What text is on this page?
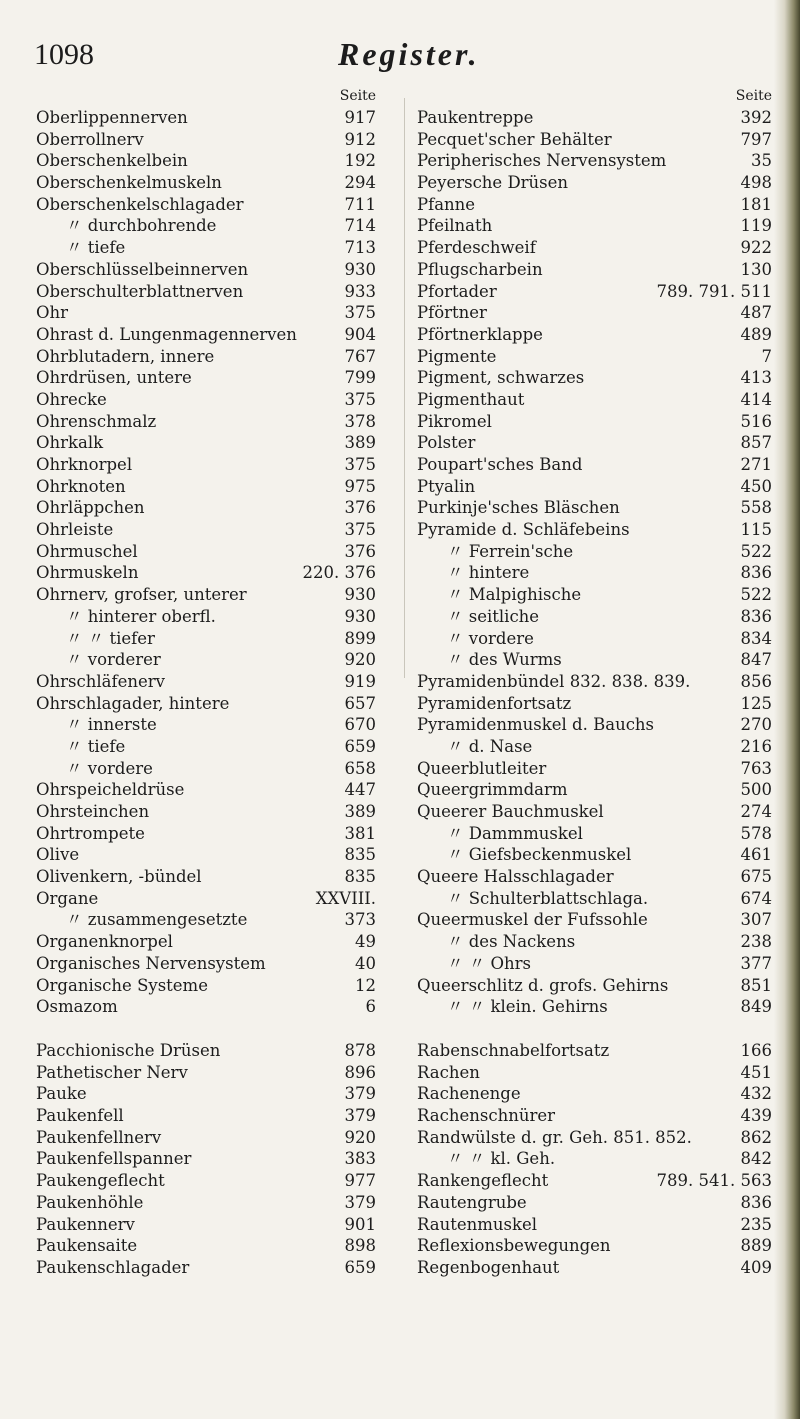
1098	Register.
Seite
Oberlippennerven	917
Oberrollnerv	912
Oberschenkelbein	192
Oberschenkelmuskeln	294
Oberschenkelschlagader	711
〃 durchbohrende	714
〃 tiefe	713
Oberschlüsselbeinnerven	930
Oberschulterblattnerven	933
Ohr	375
Ohrast d. Lungenmagennerven	904
Ohrblutadern, innere	767
Ohrdrüsen, untere	799
Ohrecke	375
Ohrenschmalz	378
Ohrkalk	389
Ohrknorpel	375
Ohrknoten	975
Ohrläppchen	376
Ohrleiste	375
Ohrmuschel	376
Ohrmuskeln	220. 376
Ohrnerv, grofser, unterer	930
〃 hinterer oberfl.	930
〃 〃 tiefer	899
〃 vorderer	920
Ohrschläfenerv	919
Ohrschlagader, hintere	657
〃 innerste	670
〃 tiefe	659
〃 vordere	658
Ohrspeicheldrüse	447
Ohrsteinchen	389
Ohrtrompete	381
Olive	835
Olivenkern, -bündel	835
Organe	XXVIII.
〃 zusammengesetzte	373
Organenknorpel	49
Organisches Nervensystem	40
Organische Systeme	12
Osmazom	6
Seite
Paukentreppe	392
Pecquet'scher Behälter	797
Peripherisches Nervensystem	35
Peyersche Drüsen	498
Pfanne	181
Pfeilnath	119
Pferdeschweif	922
Pflugscharbein	130
Pfortader	789. 791. 511
Pförtner	487
Pförtnerklappe	489
Pigmente	7
Pigment, schwarzes	413
Pigmenthaut	414
Pikromel	516
Polster	857
Poupart'sches Band	271
Ptyalin	450
Purkinje'sches Bläschen	558
Pyramide d. Schläfebeins	115
〃 Ferrein'sche	522
〃 hintere	836
〃 Malpighische	522
〃 seitliche	836
〃 vordere	834
〃 des Wurms	847
Pyramidenbündel 832. 838. 839.	856
Pyramidenfortsatz	125
Pyramidenmuskel d. Bauchs	270
〃 d. Nase	216
Queerblutleiter	763
Queergrimmdarm	500
Queerer Bauchmuskel	274
〃 Dammmuskel	578
〃 Giefsbeckenmuskel	461
Queere Halsschlagader	675
〃 Schulterblattschlaga.	674
Queermuskel der Fufssohle	307
〃 des Nackens	238
〃 〃 Ohrs	377
Queerschlitz d. grofs. Gehirns	851
〃 〃 klein. Gehirns	849
Pacchionische Drüsen	878
Pathetischer Nerv	896
Pauke	379
Paukenfell	379
Paukenfellnerv	920
Paukenfellspanner	383
Paukengeflecht	977
Paukenhöhle	379
Paukennerv	901
Paukensaite	898
Paukenschlagader	659
Rabenschnabelfortsatz	166
Rachen	451
Rachenenge	432
Rachenschnürer	439
Randwülste d. gr. Geh. 851. 852.	862
〃 〃 kl. Geh.	842
Rankengeflecht	789. 541. 563
Rautengrube	836
Rautenmuskel	235
Reflexionsbewegungen	889
Regenbogenhaut	409
